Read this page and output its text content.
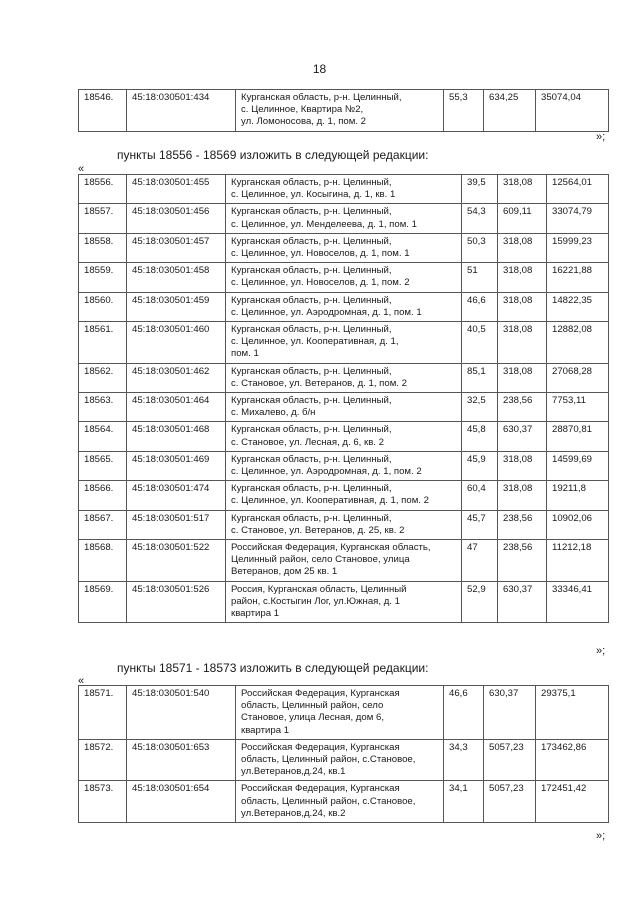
18
18546.	45:18:030501:434	Курганская область, р-н. Целинный,
с. Целинное, Квартира №2,
ул. Ломоносова, д. 1, пом. 2
	55,3	634,25	35074,04
»;
пункты 18556 - 18569 изложить в следующей редакции:
«
18556.	45:18:030501:455	Курганская область, р-н. Целинный,
с. Целинное, ул. Косыгина, д. 1, кв. 1	39,5	318,08	12564,01
18557.	45:18:030501:456	Курганская область, р-н. Целинный,
с. Целинное, ул. Менделеева, д. 1, пом. 1	54,3	609,11	33074,79
18558.	45:18:030501:457	Курганская область, р-н. Целинный,
с. Целинное, ул. Новоселов, д. 1, пом. 1	50,3	318,08	15999,23
18559.	45:18:030501:458	Курганская область, р-н. Целинный,
с. Целинное, ул. Новоселов, д. 1, пом. 2	51	318,08	16221,88
18560.	45:18:030501:459	Курганская область, р-н. Целинный,
с. Целинное, ул. Аэродромная, д. 1, пом. 1	46,6	318,08	14822,35
18561.	45:18:030501:460	Курганская область, р-н. Целинный,
с. Целинное, ул. Кооперативная, д. 1,
пом. 1	40,5	318,08	12882,08
18562.	45:18:030501:462	Курганская область, р-н. Целинный,
с. Становое, ул. Ветеранов, д. 1, пом. 2	85,1	318,08	27068,28
18563.	45:18:030501:464	Курганская область, р-н. Целинный,
с. Михалево, д. б/н	32,5	238,56	7753,11
18564.	45:18:030501:468	Курганская область, р-н. Целинный,
с. Становое, ул. Лесная, д. 6, кв. 2	45,8	630,37	28870,81
18565.	45:18:030501:469	Курганская область, р-н. Целинный,
с. Целинное, ул. Аэродромная, д. 1, пом. 2	45,9	318,08	14599,69
18566.	45:18:030501:474	Курганская область, р-н. Целинный,
с. Целинное, ул. Кооперативная, д. 1, пом. 2	60,4	318,08	19211,8
18567.	45:18:030501:517	Курганская область, р-н. Целинный,
с. Становое, ул. Ветеранов, д. 25, кв. 2	45,7	238,56	10902,06
18568.	45:18:030501:522	Российская Федерация, Курганская область,
Целинный район, село Становое, улица
Ветеранов, дом 25 кв. 1	47	238,56	11212,18
18569.	45:18:030501:526	Россия, Курганская область, Целинный
район, с.Костыгин Лог, ул.Южная, д. 1
квартира 1	52,9	630,37	33346,41
»;
пункты 18571 - 18573 изложить в следующей редакции:
«
18571.	45:18:030501:540	Российская Федерация, Курганская
область, Целинный район, село
Становое, улица Лесная, дом 6,
квартира 1	46,6	630,37	29375,1
18572.	45:18:030501:653	Российская Федерация, Курганская
область, Целинный район, с.Становое,
ул.Ветеранов,д.24, кв.1	34,3	5057,23	173462,86
18573.	45:18:030501:654	Российская Федерация, Курганская
область, Целинный район, с.Становое,
ул.Ветеранов,д.24, кв.2	34,1	5057,23	172451,42
»;
